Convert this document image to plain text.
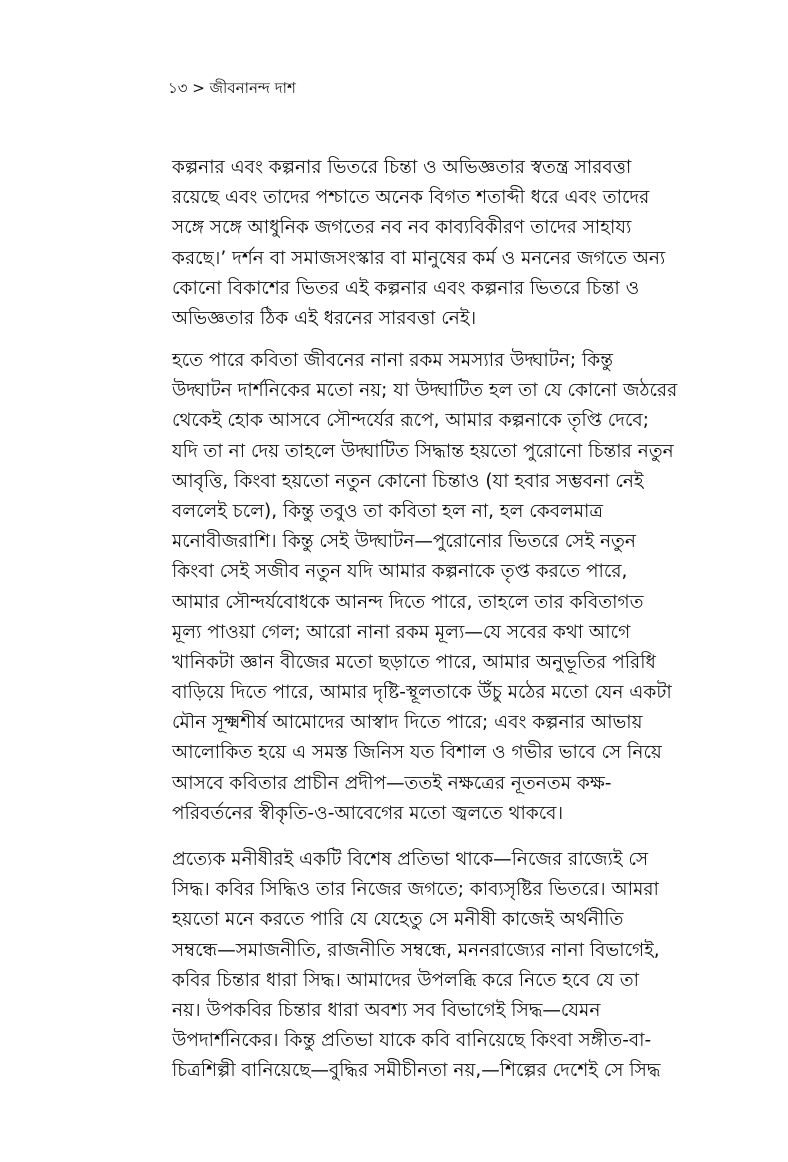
১৩ > জীবনানন্দ দাশ
কল্পনার এবং কল্পনার ভিতরে চিন্তা ও অভিজ্ঞতার স্বতন্ত্র সারবত্তা
রয়েছে এবং তাদের পশ্চাতে অনেক বিগত শতাব্দী ধরে এবং তাদের
সঙ্গে সঙ্গে আধুনিক জগতের নব নব কাব্যবিকীরণ তাদের সাহায্য
করছে।’ দর্শন বা সমাজসংস্কার বা মানুষের কর্ম ও মননের জগতে অন্য
কোনো বিকাশের ভিতর এই কল্পনার এবং কল্পনার ভিতরে চিন্তা ও
অভিজ্ঞতার ঠিক এই ধরনের সারবত্তা নেই।
হতে পারে কবিতা জীবনের নানা রকম সমস্যার উদ্ঘাটন; কিন্তু
উদ্ঘাটন দার্শনিকের মতো নয়; যা উদ্ঘাটিত হল তা যে কোনো জঠরের
থেকেই হোক আসবে সৌন্দর্যের রূপে, আমার কল্পনাকে তৃপ্তি দেবে;
যদি তা না দেয় তাহলে উদ্ঘাটিত সিদ্ধান্ত হয়তো পুরোনো চিন্তার নতুন
আবৃত্তি, কিংবা হয়তো নতুন কোনো চিন্তাও (যা হবার সম্ভবনা নেই
বললেই চলে), কিন্তু তবুও তা কবিতা হল না, হল কেবলমাত্র
মনোবীজরাশি। কিন্তু সেই উদ্ঘাটন—পুরোনোর ভিতরে সেই নতুন
কিংবা সেই সজীব নতুন যদি আমার কল্পনাকে তৃপ্ত করতে পারে,
আমার সৌন্দর্যবোধকে আনন্দ দিতে পারে, তাহলে তার কবিতাগত
মূল্য পাওয়া গেল; আরো নানা রকম মূল্য—যে সবের কথা আগে
খানিকটা জ্ঞান বীজের মতো ছড়াতে পারে, আমার অনুভূতির পরিধি
বাড়িয়ে দিতে পারে, আমার দৃষ্টি-স্থূলতাকে উঁচু মঠের মতো যেন একটা
মৌন সূক্ষ্মশীর্ষ আমোদের আস্বাদ দিতে পারে; এবং কল্পনার আভায়
আলোকিত হয়ে এ সমস্ত জিনিস যত বিশাল ও গভীর ভাবে সে নিয়ে
আসবে কবিতার প্রাচীন প্রদীপ—ততই নক্ষত্রের নূতনতম কক্ষ-
পরিবর্তনের স্বীকৃতি-ও-আবেগের মতো জ্বলতে থাকবে।
প্রত্যেক মনীষীরই একটি বিশেষ প্রতিভা থাকে—নিজের রাজ্যেই সে
সিদ্ধ। কবির সিদ্ধিও তার নিজের জগতে; কাব্যসৃষ্টির ভিতরে। আমরা
হয়তো মনে করতে পারি যে যেহেতু সে মনীষী কাজেই অর্থনীতি
সম্বন্ধে—সমাজনীতি, রাজনীতি সম্বন্ধে, মননরাজ্যের নানা বিভাগেই,
কবির চিন্তার ধারা সিদ্ধ। আমাদের উপলব্ধি করে নিতে হবে যে তা
নয়। উপকবির চিন্তার ধারা অবশ্য সব বিভাগেই সিদ্ধ—যেমন
উপদার্শনিকের। কিন্তু প্রতিভা যাকে কবি বানিয়েছে কিংবা সঙ্গীত-বা-
চিত্রশিল্পী বানিয়েছে—বুদ্ধির সমীচীনতা নয়,—শিল্পের দেশেই সে সিদ্ধ
